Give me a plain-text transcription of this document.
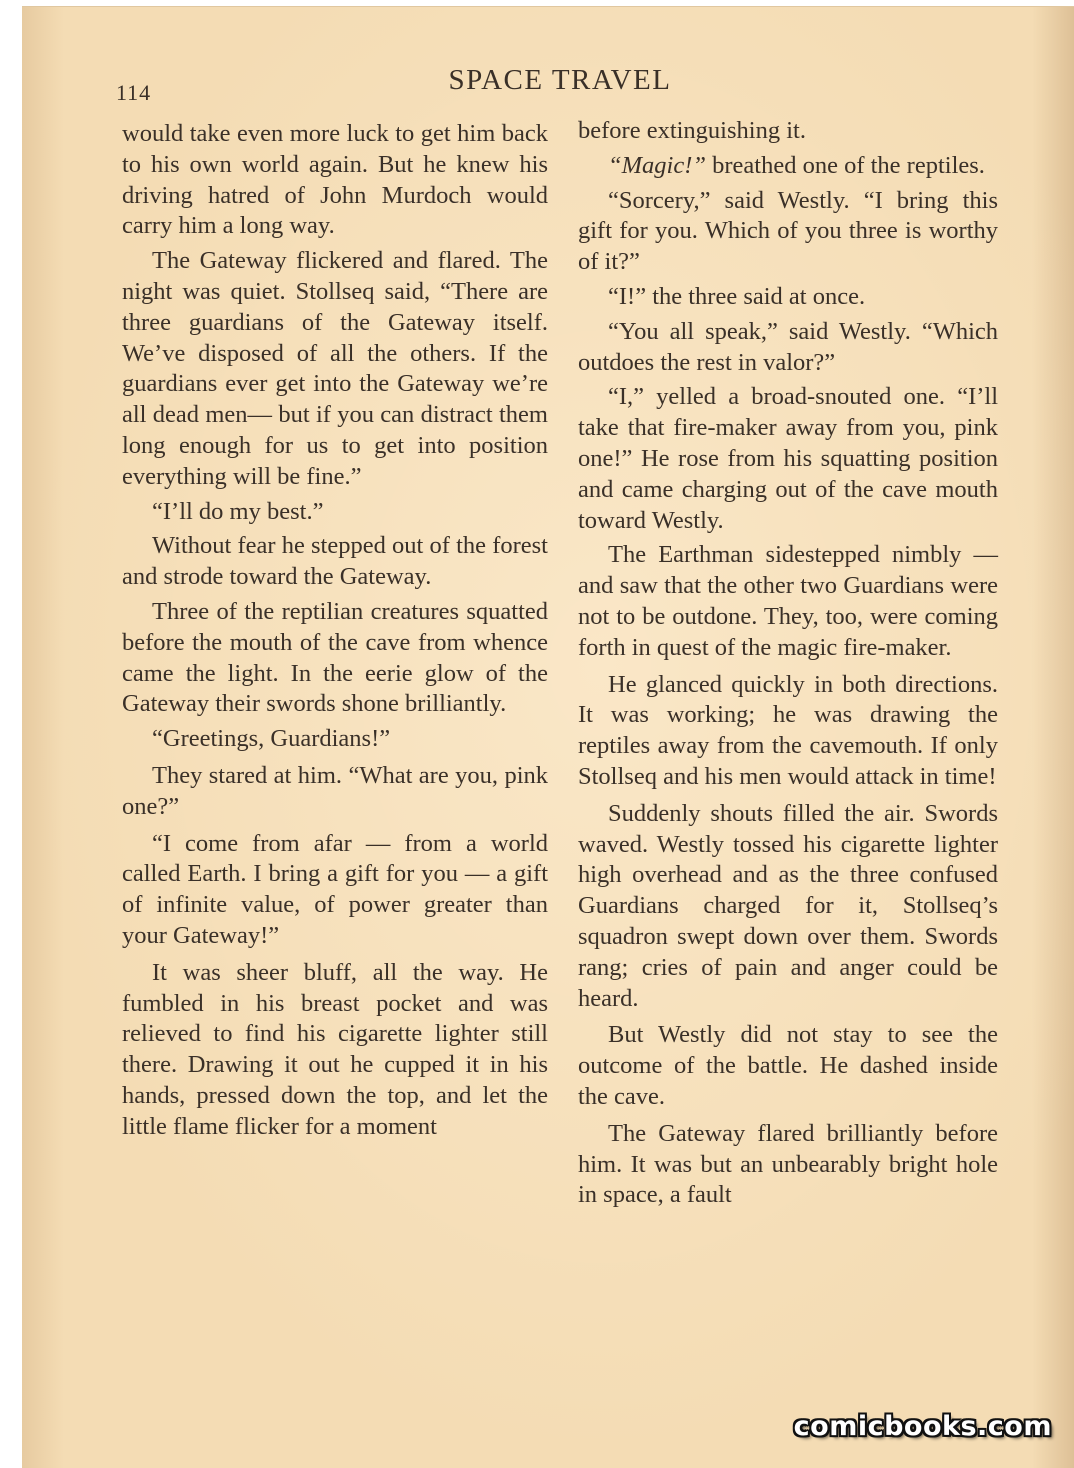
114	SPACE TRAVEL

would take even more luck to get him back to his own world again. But he knew his driving hatred of John Murdoch would carry him a long way.

The Gateway flickered and flared. The night was quiet. Stollseq said, “There are three guardians of the Gateway itself. We’ve disposed of all the others. If the guardians ever get into the Gateway we’re all dead men— but if you can distract them long enough for us to get into position everything will be fine.”

“I’ll do my best.”

Without fear he stepped out of the forest and strode toward the Gateway.

Three of the reptilian creatures squatted before the mouth of the cave from whence came the light. In the eerie glow of the Gateway their swords shone brilliantly.

“Greetings, Guardians!”

They stared at him. “What are you, pink one?”

“I come from afar — from a world called Earth. I bring a gift for you — a gift of infinite value, of power greater than your Gateway!”

It was sheer bluff, all the way. He fumbled in his breast pocket and was relieved to find his cigarette lighter still there. Drawing it out he cupped it in his hands, pressed down the top, and let the little flame flicker for a moment

before extinguishing it.

“Magic!” breathed one of the reptiles.

“Sorcery,” said Westly. “I bring this gift for you. Which of you three is worthy of it?”

“I!” the three said at once.

“You all speak,” said Westly. “Which outdoes the rest in valor?”

“I,” yelled a broad-snouted one. “I’ll take that fire-maker away from you, pink one!” He rose from his squatting position and came charging out of the cave mouth toward Westly.

The Earthman sidestepped nimbly — and saw that the other two Guardians were not to be outdone. They, too, were coming forth in quest of the magic fire-maker.

He glanced quickly in both directions. It was working; he was drawing the reptiles away from the cavemouth. If only Stollseq and his men would attack in time!

Suddenly shouts filled the air. Swords waved. Westly tossed his cigarette lighter high overhead and as the three confused Guardians charged for it, Stollseq’s squadron swept down over them. Swords rang; cries of pain and anger could be heard.

But Westly did not stay to see the outcome of the battle. He dashed inside the cave.

The Gateway flared brilliantly before him. It was but an unbearably bright hole in space, a fault

comicbooks.com
